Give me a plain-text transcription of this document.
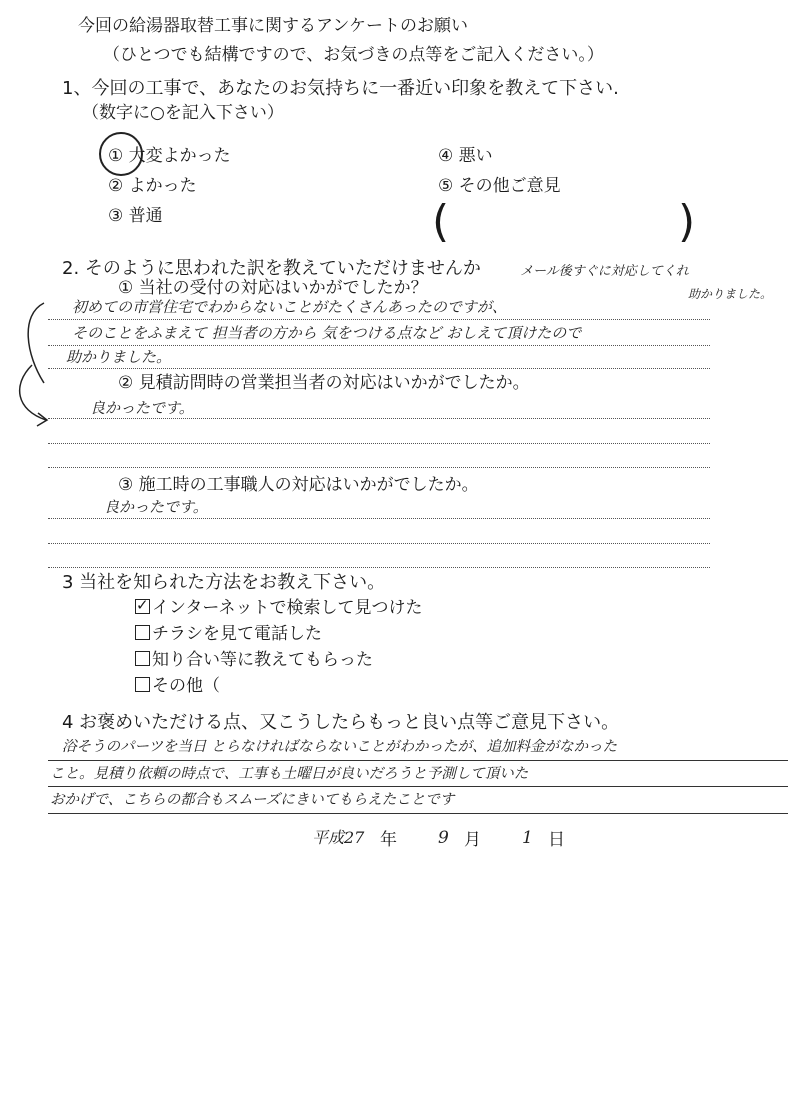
今回の給湯器取替工事に関するアンケートのお願い
（ひとつでも結構ですので、お気づきの点等をご記入ください。）
1、今回の工事で、あなたのお気持ちに一番近い印象を教えて下さい.
（数字に○を記入下さい）
① 大変よかった
② よかった
③ 普通
④ 悪い
⑤ その他ご意見
(	)
2. そのように思われた訳を教えていただけませんか	メール後すぐに対応してくれ
助かりました。
① 当社の受付の対応はいかがでしたか？
初めての市営住宅でわからないことがたくさんあったのですが、
そのことをふまえて 担当者の方から 気をつける点など おしえて頂けたので
助かりました。
② 見積訪問時の営業担当者の対応はいかがでしたか。
良かったです。
③ 施工時の工事職人の対応はいかがでしたか。
良かったです。
3 当社を知られた方法をお教え下さい。
✓インターネットで検索して見つけた
チラシを見て電話した
知り合い等に教えてもらった
その他（
4 お褒めいただける点、又こうしたらもっと良い点等ご意見下さい。
浴そうのパーツを当日 とらなければならないことがわかったが、追加料金がなかった
こと。見積り依頼の時点で、工事も土曜日が良いだろうと予測して頂いた
おかげで、こちらの都合もスムーズにきいてもらえたことです
平成27 年 9 月 1 日
